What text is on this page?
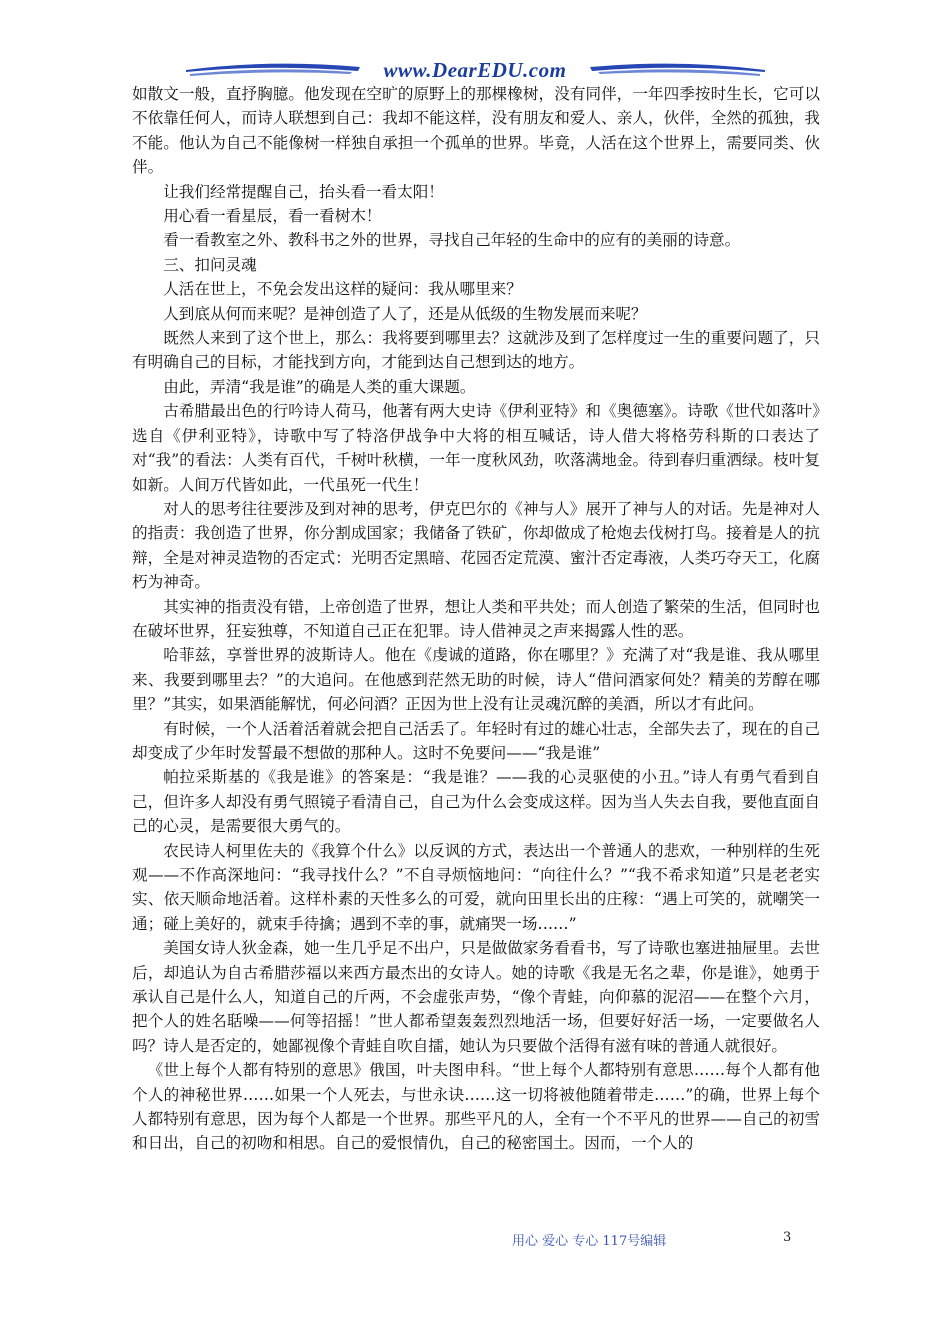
www.DearEDU.com

如散文一般，直抒胸臆。他发现在空旷的原野上的那棵橡树，没有同伴，一年四季按时生长，它可以不依靠任何人，而诗人联想到自己：我却不能这样，没有朋友和爱人、亲人，伙伴，全然的孤独，我不能。他认为自己不能像树一样独自承担一个孤单的世界。毕竟，人活在这个世界上，需要同类、伙伴。

让我们经常提醒自己，抬头看一看太阳！

用心看一看星辰，看一看树木！

看一看教室之外、教科书之外的世界，寻找自己年轻的生命中的应有的美丽的诗意。

三、扣问灵魂

人活在世上，不免会发出这样的疑问：我从哪里来？

人到底从何而来呢？是神创造了人了，还是从低级的生物发展而来呢？

既然人来到了这个世上，那么：我将要到哪里去？这就涉及到了怎样度过一生的重要问题了，只有明确自己的目标，才能找到方向，才能到达自己想到达的地方。

由此，弄清“我是谁”的确是人类的重大课题。

古希腊最出色的行吟诗人荷马，他著有两大史诗《伊利亚特》和《奥德塞》。诗歌《世代如落叶》选自《伊利亚特》，诗歌中写了特洛伊战争中大将的相互喊话，诗人借大将格劳科斯的口表达了对“我”的看法：人类有百代，千树叶秋横，一年一度秋风劲，吹落满地金。待到春归重洒绿。枝叶复如新。人间万代皆如此，一代虽死一代生！

对人的思考往往要涉及到对神的思考，伊克巴尔的《神与人》展开了神与人的对话。先是神对人的指责：我创造了世界，你分割成国家；我储备了铁矿，你却做成了枪炮去伐树打鸟。接着是人的抗辩，全是对神灵造物的否定式：光明否定黑暗、花园否定荒漠、蜜汁否定毒液，人类巧夺天工，化腐朽为神奇。

其实神的指责没有错，上帝创造了世界，想让人类和平共处；而人创造了繁荣的生活，但同时也在破坏世界，狂妄独尊，不知道自己正在犯罪。诗人借神灵之声来揭露人性的恶。

哈菲兹，享誉世界的波斯诗人。他在《虔诚的道路，你在哪里？》充满了对“我是谁、我从哪里来、我要到哪里去？”的大追问。在他感到茫然无助的时候，诗人“借问酒家何处？精美的芳醇在哪里？”其实，如果酒能解忧，何必问酒？正因为世上没有让灵魂沉醉的美酒，所以才有此问。

有时候，一个人活着活着就会把自己活丢了。年轻时有过的雄心壮志，全部失去了，现在的自己却变成了少年时发誓最不想做的那种人。这时不免要问——“我是谁”

帕拉采斯基的《我是谁》的答案是：“我是谁？——我的心灵驱使的小丑。”诗人有勇气看到自己，但许多人却没有勇气照镜子看清自己，自己为什么会变成这样。因为当人失去自我，要他直面自己的心灵，是需要很大勇气的。

农民诗人柯里佐夫的《我算个什么》以反讽的方式，表达出一个普通人的悲欢，一种别样的生死观——不作高深地问：“我寻找什么？”不自寻烦恼地问：“向往什么？”“我不希求知道”只是老老实实、依天顺命地活着。这样朴素的天性多么的可爱，就向田里长出的庄稼：“遇上可笑的，就嘲笑一通；碰上美好的，就束手待擒；遇到不幸的事，就痛哭一场……”

美国女诗人狄金森，她一生几乎足不出户，只是做做家务看看书，写了诗歌也塞进抽屉里。去世后，却追认为自古希腊莎福以来西方最杰出的女诗人。她的诗歌《我是无名之辈，你是谁》，她勇于承认自己是什么人，知道自己的斤两，不会虚张声势，“像个青蛙，向仰慕的泥沼——在整个六月，把个人的姓名聒噪——何等招摇！”世人都希望轰轰烈烈地活一场，但要好好活一场，一定要做名人吗？诗人是否定的，她鄙视像个青蛙自吹自擂，她认为只要做个活得有滋有味的普通人就很好。

《世上每个人都有特别的意思》俄国，叶夫图申科。“世上每个人都特别有意思……每个人都有他个人的神秘世界……如果一个人死去，与世永诀……这一切将被他随着带走……”的确，世界上每个人都特别有意思，因为每个人都是一个世界。那些平凡的人，全有一个不平凡的世界——自己的初雪和日出，自己的初吻和相思。自己的爱恨情仇，自己的秘密国土。因而，一个人的

用心 爱心 专心 117号编辑	3
